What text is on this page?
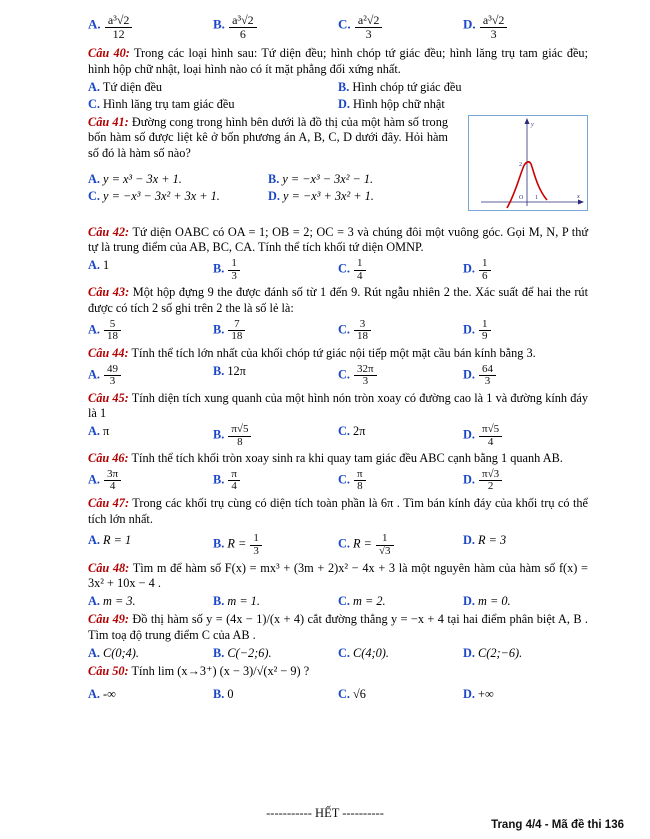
A. $\frac{\text{a³√2}}{12}$	B. $\frac{\text{a³√2}}{6}$	C. $\frac{\text{a²√2}}{3}$	D. $\frac{\text{a³√2}}{3}$
Câu 40: Trong các loại hình sau: Tứ diện đều; hình chóp tứ giác đều; hình lăng trụ tam giác đều; hình hộp chữ nhật, loại hình nào có ít mặt phẳng đối xứng nhất.
A. Tứ diện đều	B. Hình chóp tứ giác đều
C. Hình lăng trụ tam giác đều	D. Hình hộp chữ nhật
Câu 41: Đường cong trong hình bên dưới là đồ thị của một hàm số trong bốn hàm số được liệt kê ở bốn phương án A, B, C, D dưới đây. Hỏi hàm số đó là hàm số nào?
A. y = x³ − 3x + 1.	B. y = −x³ − 3x² − 1.
C. y = −x³ − 3x² + 3x + 1.	D. y = −x³ + 3x² + 1.
y
x
O
2
1
Câu 42: Tứ diện OABC có OA = 1; OB = 2; OC = 3 và chúng đôi một vuông góc. Gọi M, N, P thứ tự là trung điểm của AB, BC, CA. Tính thể tích khối tứ diện OMNP.
A. 1	B. $\frac{1}{3}$	C. $\frac{1}{4}$	D. $\frac{1}{6}$
Câu 43: Một hộp đựng 9 the được đánh số từ 1 đến 9. Rút ngẫu nhiên 2 the. Xác suất để hai the rút được có tích 2 số ghi trên 2 the là số lẻ là:
A. $\frac{5}{18}$	B. $\frac{7}{18}$	C. $\frac{3}{18}$	D. $\frac{1}{9}$
Câu 44: Tính thể tích lớn nhất của khối chóp tứ giác nội tiếp một mặt cầu bán kính bằng 3.
A. $\frac{49}{3}$	B. 12π	C. $\frac{32\pi}{3}$	D. $\frac{64}{3}$
Câu 45: Tính diện tích xung quanh của một hình nón tròn xoay có đường cao là 1 và đường kính đáy là 1
A. π	B. $\frac{\pi√5}{8}$	C. 2π	D. $\frac{\pi√5}{4}$
Câu 46: Tính thể tích khối tròn xoay sinh ra khi quay tam giác đều ABC cạnh bằng 1 quanh AB.
A. $\frac{3\pi}{4}$	B. $\frac{\pi}{4}$	C. $\frac{\pi}{8}$	D. $\frac{\pi√3}{2}$
Câu 47: Trong các khối trụ cùng có diện tích toàn phần là 6π . Tìm bán kính đáy của khối trụ có thể tích lớn nhất.
A. R = 1	B. $R = \frac{1}{3}$	C. $R = \frac{1}{√3}$	D. R = 3
Câu 48: Tìm m để hàm số F(x) = mx³ + (3m + 2)x² − 4x + 3 là một nguyên hàm của hàm số f(x) = 3x² + 10x − 4 .
A. m = 3.	B. m = 1.	C. m = 2.	D. m = 0.
Câu 49: Đồ thị hàm số y = (4x − 1)/(x + 4) cắt đường thẳng y = −x + 4 tại hai điểm phân biệt A, B . Tìm toạ độ trung điểm C của AB .
A. C(0;4).	B. C(−2;6).	C. C(4;0).	D. C(2;−6).
Câu 50: Tính lim (x→3⁺) (x − 3)/√(x² − 9) ?
A. -∞	B. 0	C. √6	D. +∞
----------- HẾT ----------
Trang 4/4 - Mã đề thi 136
